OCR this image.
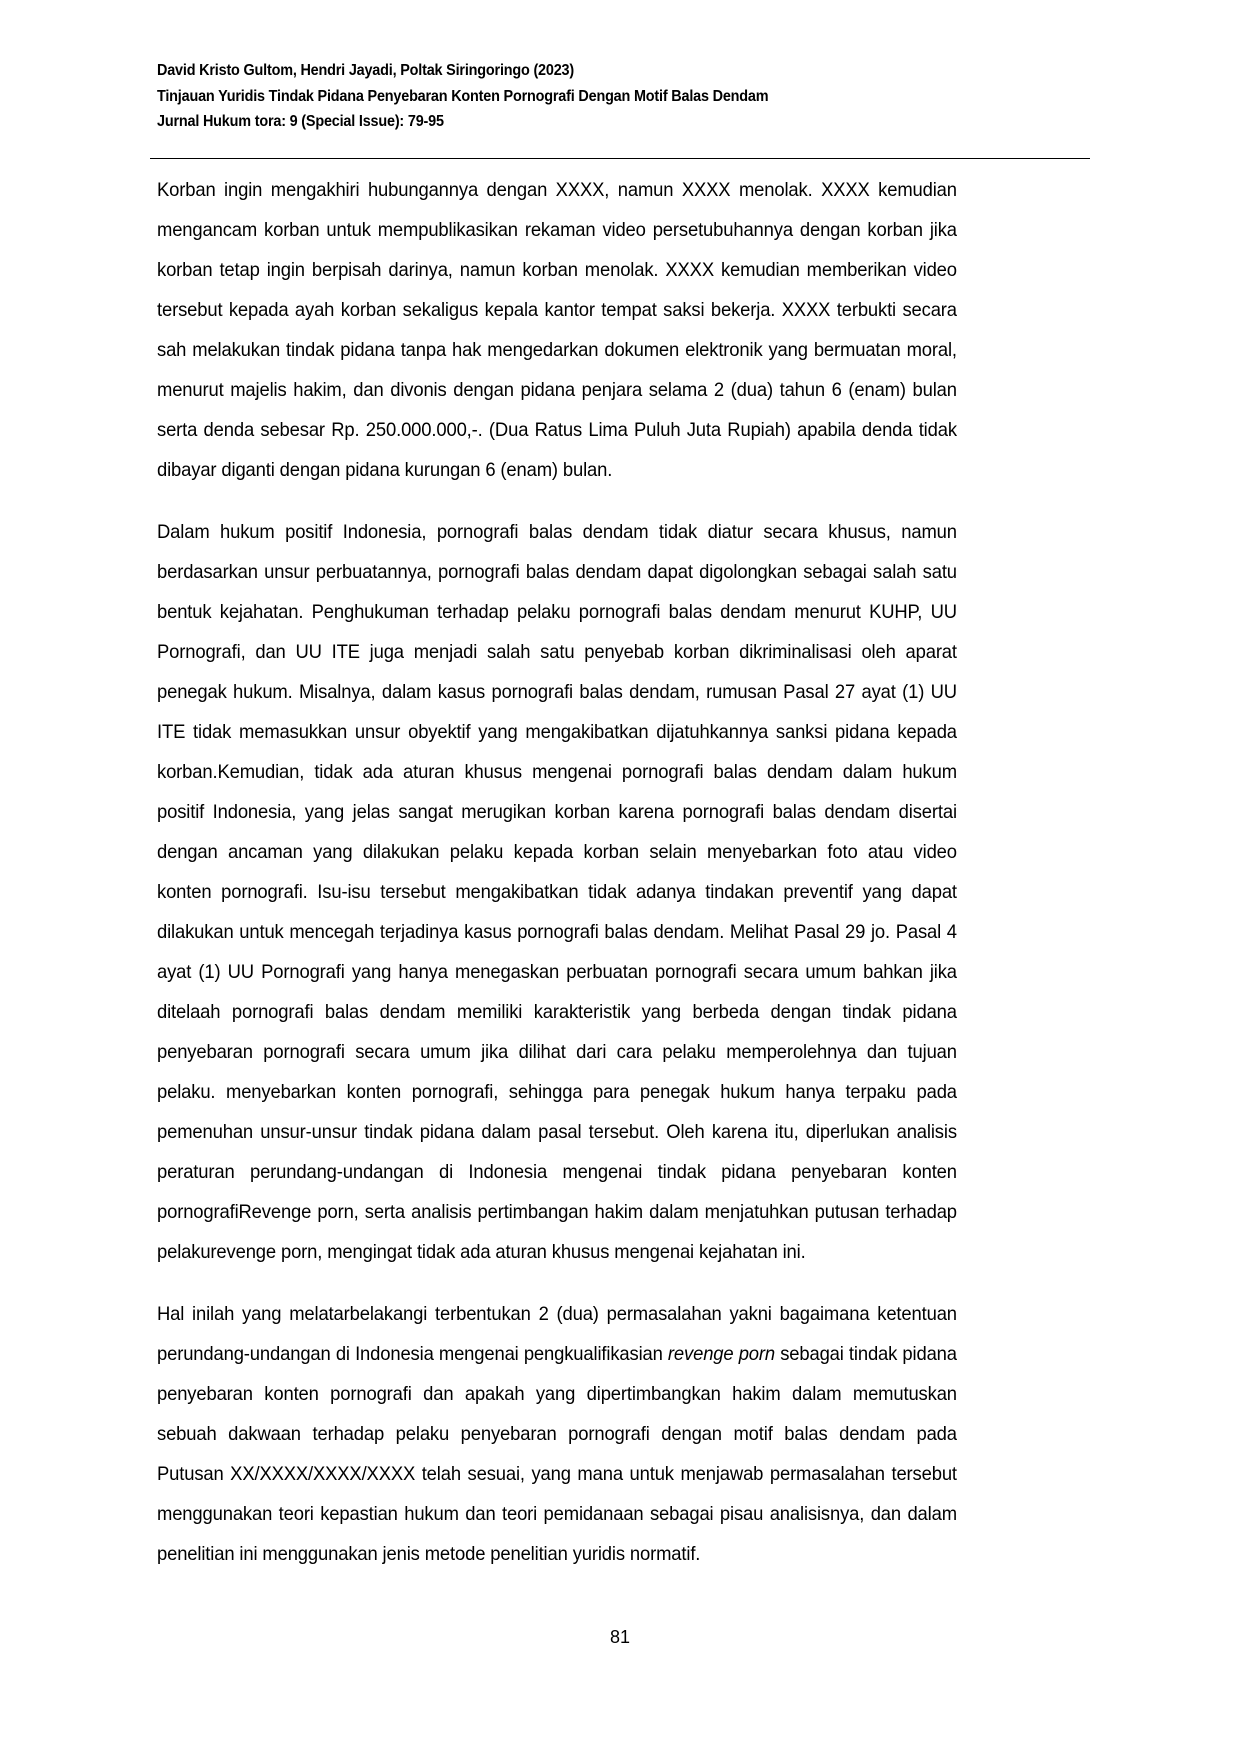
David Kristo Gultom, Hendri Jayadi, Poltak Siringoringo (2023)
Tinjauan Yuridis Tindak Pidana Penyebaran Konten Pornografi Dengan Motif Balas Dendam
Jurnal Hukum tora: 9 (Special Issue): 79-95

Korban ingin mengakhiri hubungannya dengan XXXX, namun XXXX menolak. XXXX kemudian mengancam korban untuk mempublikasikan rekaman video persetubuhannya dengan korban jika korban tetap ingin berpisah darinya, namun korban menolak. XXXX kemudian memberikan video tersebut kepada ayah korban sekaligus kepala kantor tempat saksi bekerja. XXXX terbukti secara sah melakukan tindak pidana tanpa hak mengedarkan dokumen elektronik yang bermuatan moral, menurut majelis hakim, dan divonis dengan pidana penjara selama 2 (dua) tahun 6 (enam) bulan serta denda sebesar Rp. 250.000.000,-. (Dua Ratus Lima Puluh Juta Rupiah) apabila denda tidak dibayar diganti dengan pidana kurungan 6 (enam) bulan.

Dalam hukum positif Indonesia, pornografi balas dendam tidak diatur secara khusus, namun berdasarkan unsur perbuatannya, pornografi balas dendam dapat digolongkan sebagai salah satu bentuk kejahatan. Penghukuman terhadap pelaku pornografi balas dendam menurut KUHP, UU Pornografi, dan UU ITE juga menjadi salah satu penyebab korban dikriminalisasi oleh aparat penegak hukum. Misalnya, dalam kasus pornografi balas dendam, rumusan Pasal 27 ayat (1) UU ITE tidak memasukkan unsur obyektif yang mengakibatkan dijatuhkannya sanksi pidana kepada korban.Kemudian, tidak ada aturan khusus mengenai pornografi balas dendam dalam hukum positif Indonesia, yang jelas sangat merugikan korban karena pornografi balas dendam disertai dengan ancaman yang dilakukan pelaku kepada korban selain menyebarkan foto atau video konten pornografi. Isu-isu tersebut mengakibatkan tidak adanya tindakan preventif yang dapat dilakukan untuk mencegah terjadinya kasus pornografi balas dendam. Melihat Pasal 29 jo. Pasal 4 ayat (1) UU Pornografi yang hanya menegaskan perbuatan pornografi secara umum bahkan jika ditelaah pornografi balas dendam memiliki karakteristik yang berbeda dengan tindak pidana penyebaran pornografi secara umum jika dilihat dari cara pelaku memperolehnya dan tujuan pelaku. menyebarkan konten pornografi, sehingga para penegak hukum hanya terpaku pada pemenuhan unsur-unsur tindak pidana dalam pasal tersebut. Oleh karena itu, diperlukan analisis peraturan perundang-undangan di Indonesia mengenai tindak pidana penyebaran konten pornografiRevenge porn, serta analisis pertimbangan hakim dalam menjatuhkan putusan terhadap pelakurevenge porn, mengingat tidak ada aturan khusus mengenai kejahatan ini.

Hal inilah yang melatarbelakangi terbentukan 2 (dua) permasalahan yakni bagaimana ketentuan perundang-undangan di Indonesia mengenai pengkualifikasian revenge porn sebagai tindak pidana penyebaran konten pornografi dan apakah yang dipertimbangkan hakim dalam memutuskan sebuah dakwaan terhadap pelaku penyebaran pornografi dengan motif balas dendam pada Putusan XX/XXXX/XXXX/XXXX telah sesuai, yang mana untuk menjawab permasalahan tersebut menggunakan teori kepastian hukum dan teori pemidanaan sebagai pisau analisisnya, dan dalam penelitian ini menggunakan jenis metode penelitian yuridis normatif.

81
